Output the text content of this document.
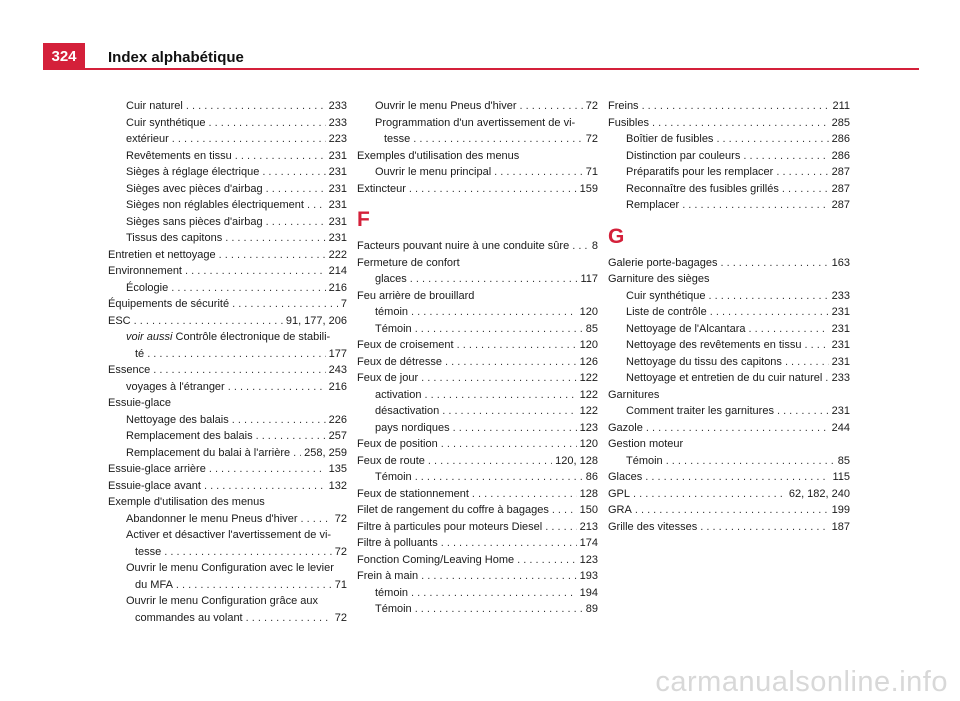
324	Index alphabétique
Cuir naturel . . .	233
Cuir synthétique . . .	233
extérieur . . .	223
Revêtements en tissu . . .	231
Sièges à réglage électrique . . .	231
Sièges avec pièces d'airbag . . .	231
Sièges non réglables électriquement . . . 231
Sièges sans pièces d'airbag . . .	231
Tissus des capitons . . .	231
Entretien et nettoyage . . .	222
Environnement . . .	214
Écologie . . .	216
Équipements de sécurité . . .	7
ESC . . .	91, 177, 206
voir aussi Contrôle électronique de stabili-
té . . .	177
Essence . . .	243
voyages à l'étranger . . .	216
Essuie-glace
Nettoyage des balais . . .	226
Remplacement des balais . . .	257
Remplacement du balai à l'arrière . . . 258, 259
Essuie-glace arrière . . .	135
Essuie-glace avant . . .	132
Exemple d'utilisation des menus
Abandonner le menu Pneus d'hiver . . .	72
Activer et désactiver l'avertissement de vi-
tesse . . .	72
Ouvrir le menu Configuration avec le levier
du MFA . . .	71
Ouvrir le menu Configuration grâce aux
commandes au volant . . .	72
Ouvrir le menu Pneus d'hiver . . .	72
Programmation d'un avertissement de vi-
tesse . . .	72
Exemples d'utilisation des menus
Ouvrir le menu principal . . .	71
Extincteur . . .	159
F
Facteurs pouvant nuire à une conduite sûre . . . 8
Fermeture de confort
glaces . . .	117
Feu arrière de brouillard
témoin . . .	120
Témoin . . .	85
Feux de croisement . . .	120
Feux de détresse . . .	126
Feux de jour . . .	122
activation . . .	122
désactivation . . .	122
pays nordiques . . .	123
Feux de position . . .	120
Feux de route . . .	120, 128
Témoin . . .	86
Feux de stationnement . . .	128
Filet de rangement du coffre à bagages . . .	150
Filtre à particules pour moteurs Diesel . . .	213
Filtre à polluants . . .	174
Fonction Coming/Leaving Home . . .	123
Frein à main . . .	193
témoin . . .	194
Témoin . . .	89
Freins . . .	211
Fusibles . . .	285
Boîtier de fusibles . . .	286
Distinction par couleurs . . .	286
Préparatifs pour les remplacer . . .	287
Reconnaître des fusibles grillés . . .	287
Remplacer . . .	287
G
Galerie porte-bagages . . .	163
Garniture des sièges
Cuir synthétique . . .	233
Liste de contrôle . . .	231
Nettoyage de l'Alcantara . . .	231
Nettoyage des revêtements en tissu . . .	231
Nettoyage du tissu des capitons . . .	231
Nettoyage et entretien de du cuir naturel . . . 233
Garnitures
Comment traiter les garnitures . . .	231
Gazole . . .	244
Gestion moteur
Témoin . . .	85
Glaces . . .	115
GPL . . .	62, 182, 240
GRA . . .	199
Grille des vitesses . . .	187
carmanualsonline.info
